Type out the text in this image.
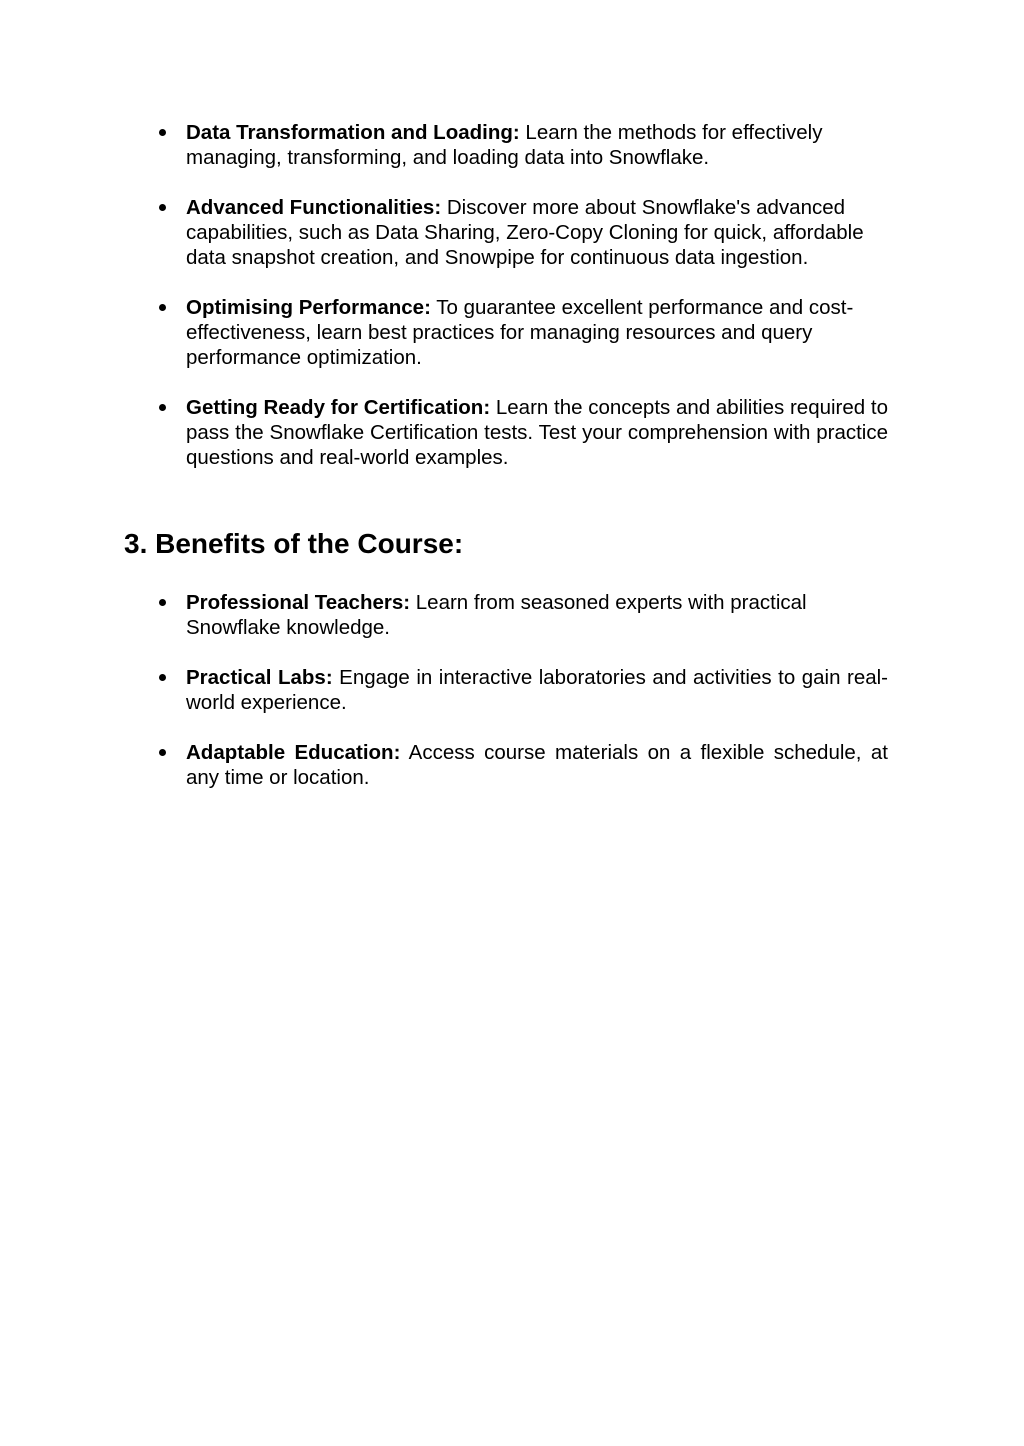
Data Transformation and Loading: Learn the methods for effectively managing, transforming, and loading data into Snowflake.
Advanced Functionalities: Discover more about Snowflake's advanced capabilities, such as Data Sharing, Zero-Copy Cloning for quick, affordable data snapshot creation, and Snowpipe for continuous data ingestion.
Optimising Performance: To guarantee excellent performance and cost-effectiveness, learn best practices for managing resources and query performance optimization.
Getting Ready for Certification: Learn the concepts and abilities required to pass the Snowflake Certification tests. Test your comprehension with practice questions and real-world examples.
3. Benefits of the Course:
Professional Teachers: Learn from seasoned experts with practical Snowflake knowledge.
Practical Labs: Engage in interactive laboratories and activities to gain real-world experience.
Adaptable Education: Access course materials on a flexible schedule, at any time or location.
